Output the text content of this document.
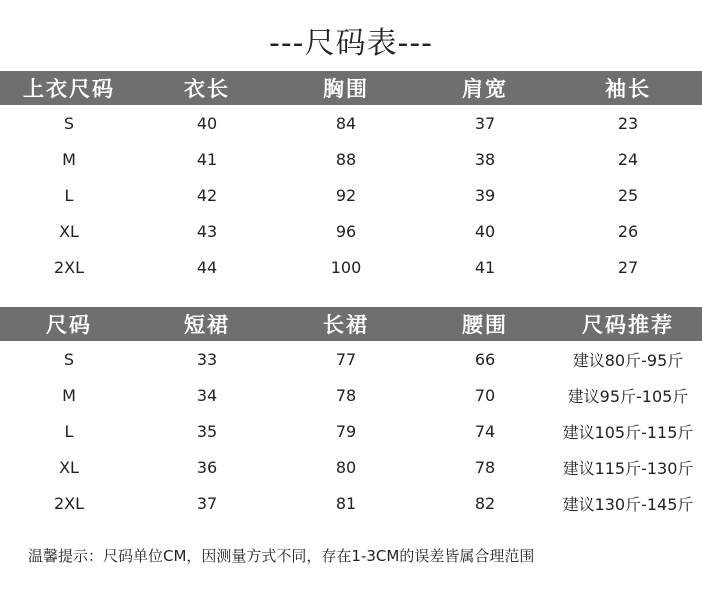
---尺码表---
上衣尺码	衣长	胸围	肩宽	袖长
S	40	84	37	23
M	41	88	38	24
L	42	92	39	25
XL	43	96	40	26
2XL	44	100	41	27
尺码	短裙	长裙	腰围	尺码推荐
S	33	77	66	建议80斤-95斤
M	34	78	70	建议95斤-105斤
L	35	79	74	建议105斤-115斤
XL	36	80	78	建议115斤-130斤
2XL	37	81	82	建议130斤-145斤
温馨提示：尺码单位CM，因测量方式不同，存在1-3CM的误差皆属合理范围
